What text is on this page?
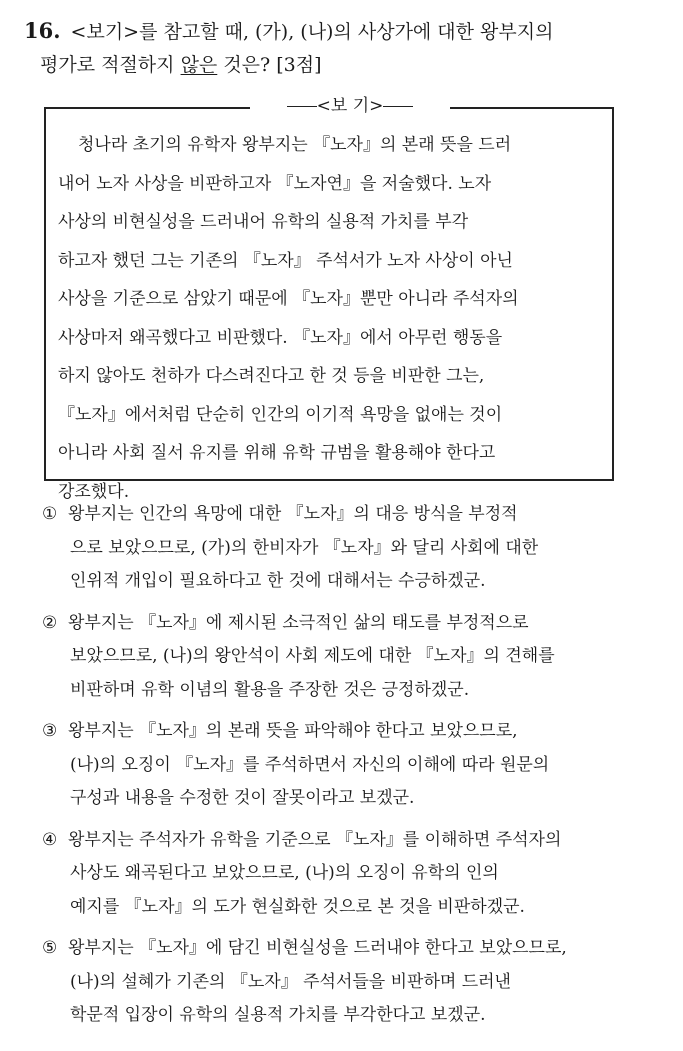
16. <보기>를 참고할 때, (가), (나)의 사상가에 대한 왕부지의
평가로 적절하지 않은 것은? [3점]
<보 기>
청나라 초기의 유학자 왕부지는 『노자』의 본래 뜻을 드러
내어 노자 사상을 비판하고자 『노자연』을 저술했다. 노자
사상의 비현실성을 드러내어 유학의 실용적 가치를 부각
하고자 했던 그는 기존의 『노자』 주석서가 노자 사상이 아닌
사상을 기준으로 삼았기 때문에 『노자』뿐만 아니라 주석자의
사상마저 왜곡했다고 비판했다. 『노자』에서 아무런 행동을
하지 않아도 천하가 다스려진다고 한 것 등을 비판한 그는,
『노자』에서처럼 단순히 인간의 이기적 욕망을 없애는 것이
아니라 사회 질서 유지를 위해 유학 규범을 활용해야 한다고
강조했다.
① 왕부지는 인간의 욕망에 대한 『노자』의 대응 방식을 부정적
으로 보았으므로, (가)의 한비자가 『노자』와 달리 사회에 대한
인위적 개입이 필요하다고 한 것에 대해서는 수긍하겠군.
② 왕부지는 『노자』에 제시된 소극적인 삶의 태도를 부정적으로
보았으므로, (나)의 왕안석이 사회 제도에 대한 『노자』의 견해를
비판하며 유학 이념의 활용을 주장한 것은 긍정하겠군.
③ 왕부지는 『노자』의 본래 뜻을 파악해야 한다고 보았으므로,
(나)의 오징이 『노자』를 주석하면서 자신의 이해에 따라 원문의
구성과 내용을 수정한 것이 잘못이라고 보겠군.
④ 왕부지는 주석자가 유학을 기준으로 『노자』를 이해하면 주석자의
사상도 왜곡된다고 보았으므로, (나)의 오징이 유학의 인의
예지를 『노자』의 도가 현실화한 것으로 본 것을 비판하겠군.
⑤ 왕부지는 『노자』에 담긴 비현실성을 드러내야 한다고 보았으므로,
(나)의 설혜가 기존의 『노자』 주석서들을 비판하며 드러낸
학문적 입장이 유학의 실용적 가치를 부각한다고 보겠군.
